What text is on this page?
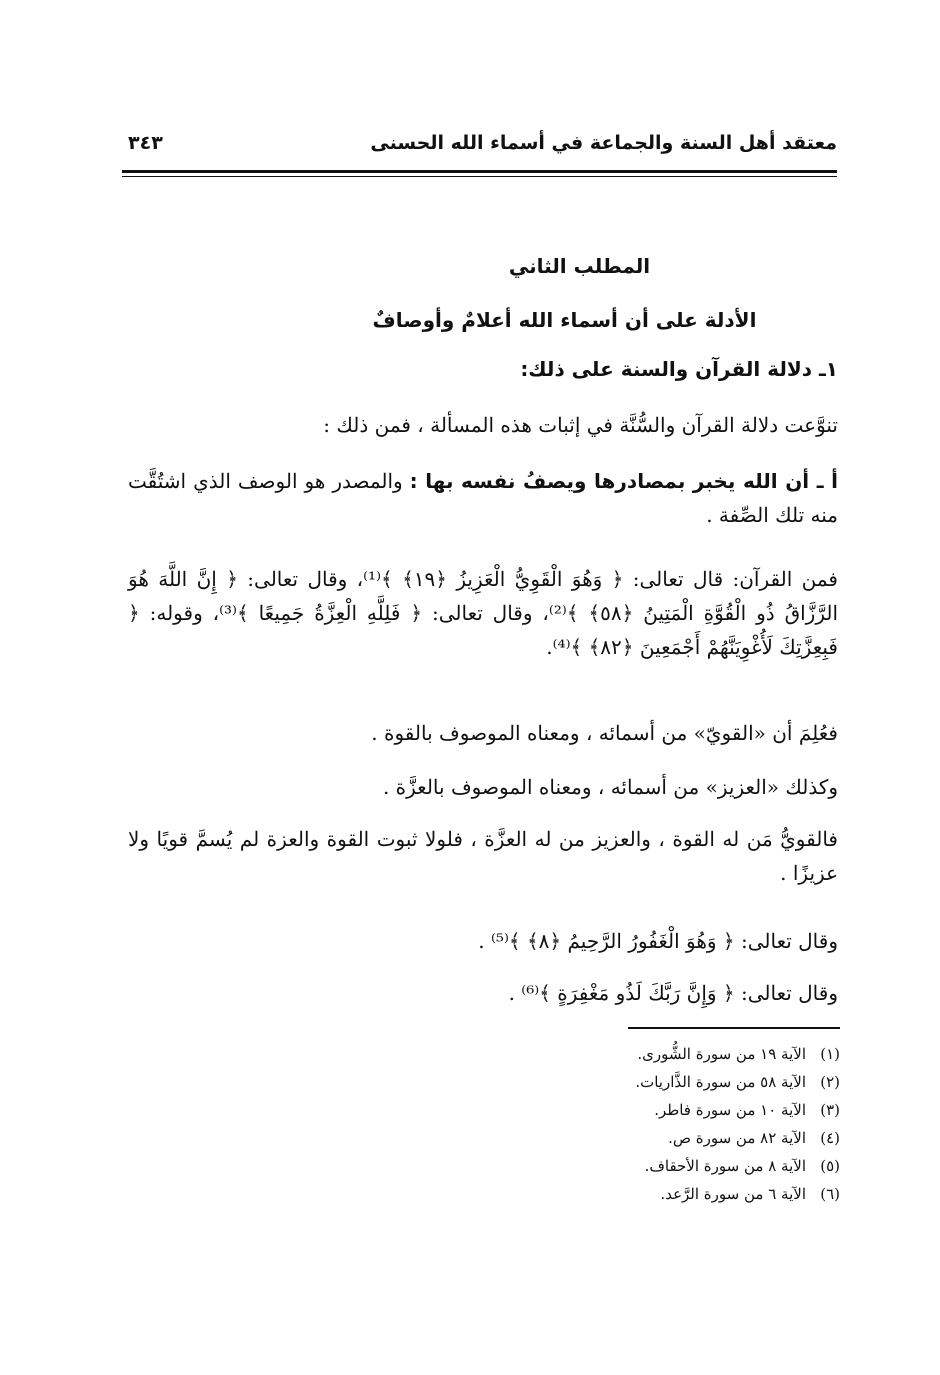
معتقد أهل السنة والجماعة في أسماء الله الحسنى
٣٤٣
المطلب الثاني
الأدلة على أن أسماء الله أعلامٌ وأوصافٌ
١ـ دلالة القرآن والسنة على ذلك:
تنوَّعت دلالة القرآن والسُّنَّة في إثبات هذه المسألة ، فمن ذلك :
أ ـ أن الله يخبر بمصادرها ويصفُ نفسه بها : والمصدر هو الوصف الذي اشتُقَّت منه تلك الصِّفة .
فمن القرآن: قال تعالى: ﴿ وَهُوَ الْقَوِيُّ الْعَزِيزُ ﴿١٩﴾ ﴾⁽¹⁾، وقال تعالى: ﴿ إِنَّ اللَّهَ هُوَ الرَّزَّاقُ ذُو الْقُوَّةِ الْمَتِينُ ﴿٥٨﴾ ﴾⁽²⁾، وقال تعالى: ﴿ فَلِلَّهِ الْعِزَّةُ جَمِيعًا ﴾⁽³⁾، وقوله: ﴿ فَبِعِزَّتِكَ لَأُغْوِيَنَّهُمْ أَجْمَعِينَ ﴿٨٢﴾ ﴾⁽⁴⁾.
فعُلِمَ أن «القويّ» من أسمائه ، ومعناه الموصوف بالقوة .
وكذلك «العزيز» من أسمائه ، ومعناه الموصوف بالعزَّة .
فالقويُّ مَن له القوة ، والعزيز من له العزَّة ، فلولا ثبوت القوة والعزة لم يُسمَّ قويًا ولا عزيزًا .
وقال تعالى: ﴿ وَهُوَ الْغَفُورُ الرَّحِيمُ ﴿٨﴾ ﴾⁽⁵⁾ .
وقال تعالى: ﴿ وَإِنَّ رَبَّكَ لَذُو مَغْفِرَةٍ ﴾⁽⁶⁾ .
(١)الآية ١٩ من سورة الشُّورى.
(٢)الآية ٥٨ من سورة الذَّاريات.
(٣)الآية ١٠ من سورة فاطر.
(٤)الآية ٨٢ من سورة ص.
(٥)الآية ٨ من سورة الأحقاف.
(٦)الآية ٦ من سورة الرَّعد.
